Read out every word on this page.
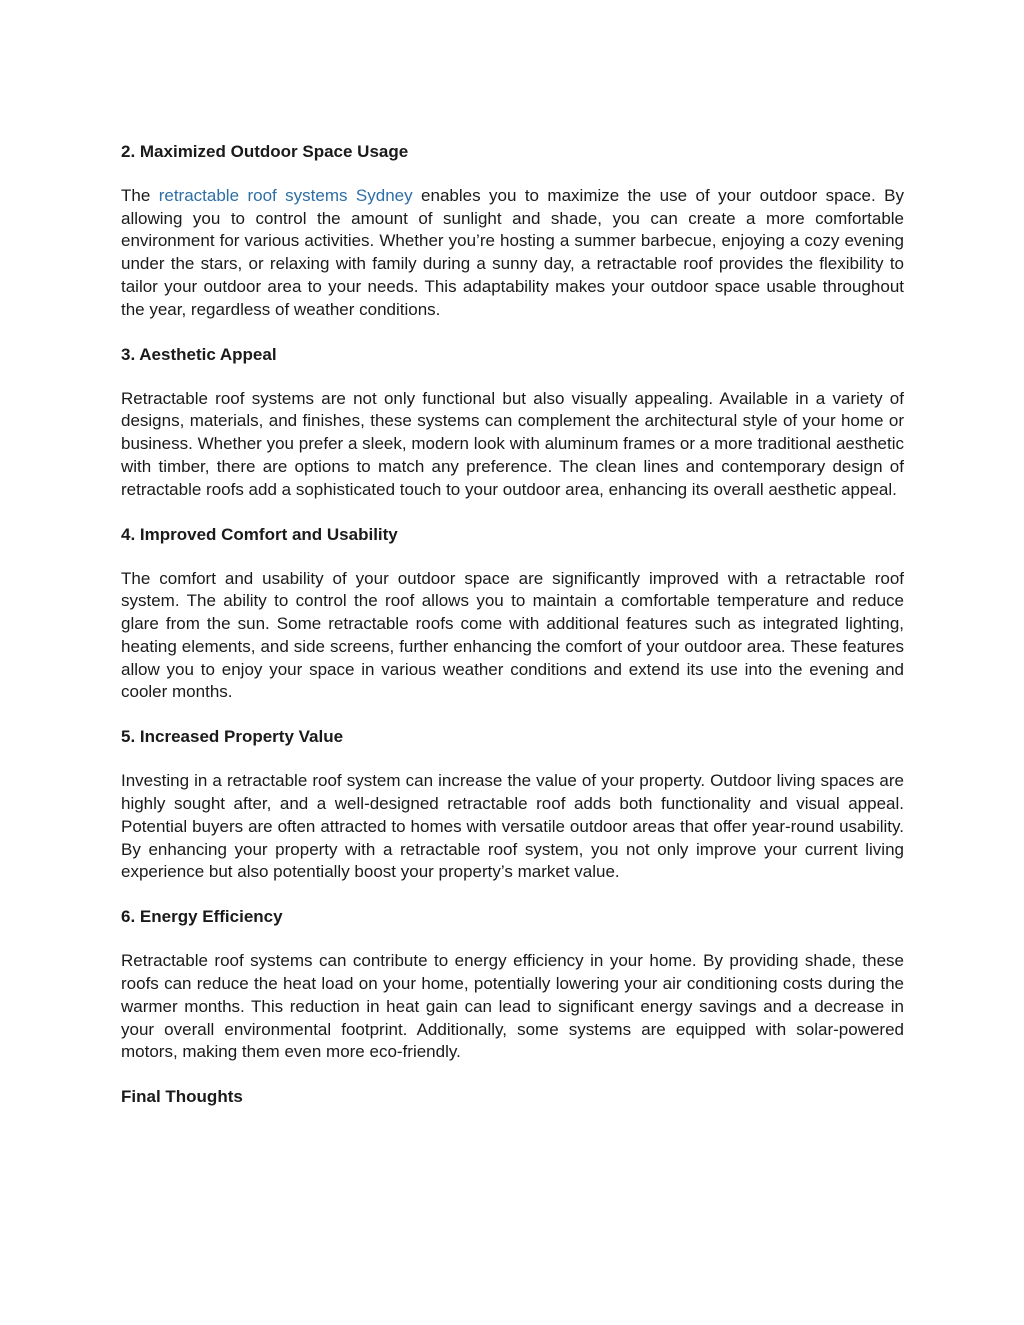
2. Maximized Outdoor Space Usage

The retractable roof systems Sydney enables you to maximize the use of your outdoor space. By allowing you to control the amount of sunlight and shade, you can create a more comfortable environment for various activities. Whether you’re hosting a summer barbecue, enjoying a cozy evening under the stars, or relaxing with family during a sunny day, a retractable roof provides the flexibility to tailor your outdoor area to your needs. This adaptability makes your outdoor space usable throughout the year, regardless of weather conditions.

3. Aesthetic Appeal

Retractable roof systems are not only functional but also visually appealing. Available in a variety of designs, materials, and finishes, these systems can complement the architectural style of your home or business. Whether you prefer a sleek, modern look with aluminum frames or a more traditional aesthetic with timber, there are options to match any preference. The clean lines and contemporary design of retractable roofs add a sophisticated touch to your outdoor area, enhancing its overall aesthetic appeal.

4. Improved Comfort and Usability

The comfort and usability of your outdoor space are significantly improved with a retractable roof system. The ability to control the roof allows you to maintain a comfortable temperature and reduce glare from the sun. Some retractable roofs come with additional features such as integrated lighting, heating elements, and side screens, further enhancing the comfort of your outdoor area. These features allow you to enjoy your space in various weather conditions and extend its use into the evening and cooler months.

5. Increased Property Value

Investing in a retractable roof system can increase the value of your property. Outdoor living spaces are highly sought after, and a well-designed retractable roof adds both functionality and visual appeal. Potential buyers are often attracted to homes with versatile outdoor areas that offer year-round usability. By enhancing your property with a retractable roof system, you not only improve your current living experience but also potentially boost your property’s market value.

6. Energy Efficiency

Retractable roof systems can contribute to energy efficiency in your home. By providing shade, these roofs can reduce the heat load on your home, potentially lowering your air conditioning costs during the warmer months. This reduction in heat gain can lead to significant energy savings and a decrease in your overall environmental footprint. Additionally, some systems are equipped with solar-powered motors, making them even more eco-friendly.

Final Thoughts
